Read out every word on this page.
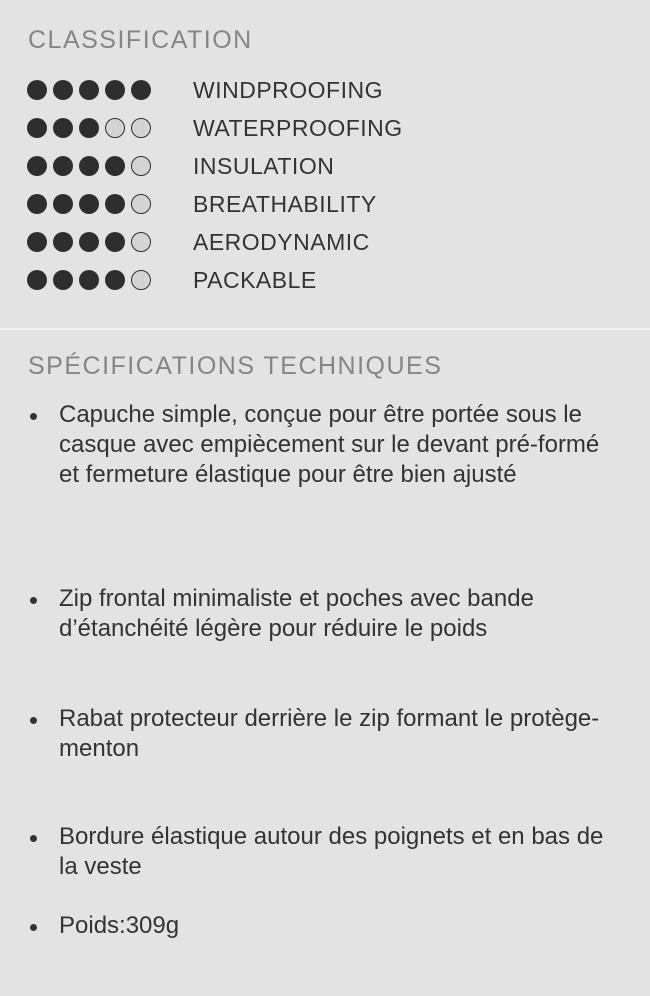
CLASSIFICATION
WINDPROOFING
WATERPROOFING
INSULATION
BREATHABILITY
AERODYNAMIC
PACKABLE
SPÉCIFICATIONS TECHNIQUES
Capuche simple, conçue pour être portée sous le casque avec empiècement sur le devant pré-formé et fermeture élastique pour être bien ajusté
Zip frontal minimaliste et poches avec bande d’étanchéité légère pour réduire le poids
Rabat protecteur derrière le zip formant le protège-menton
Bordure élastique autour des poignets et en bas de la veste
Poids:309g
